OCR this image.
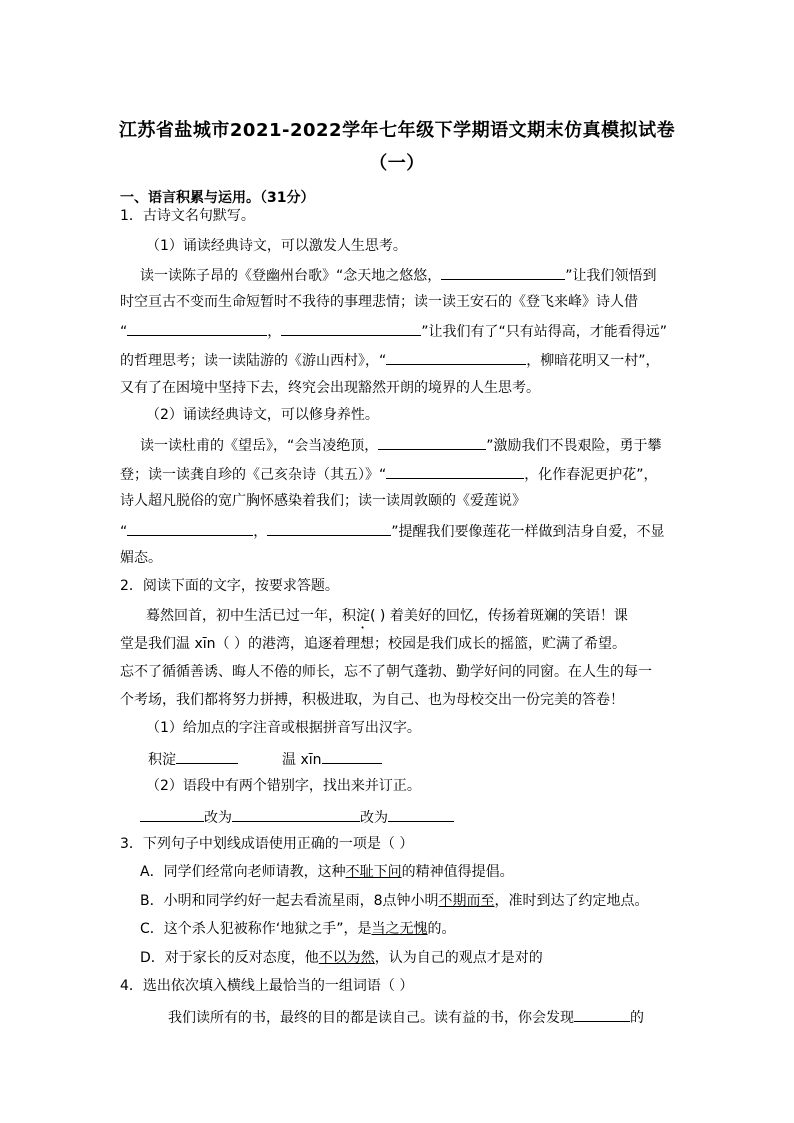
江苏省盐城市2021-2022学年七年级下学期语文期末仿真模拟试卷
（一）
一、语言积累与运用。（31分）
1．古诗文名句默写。
（1）诵读经典诗文，可以激发人生思考。
读一读陈子昂的《登幽州台歌》“念天地之悠悠，	”让我们领悟到
时空亘古不变而生命短暂时不我待的事理悲情；读一读王安石的《登飞来峰》诗人借
“	，	”让我们有了“只有站得高，才能看得远”
的哲理思考；读一读陆游的《游山西村》，“	，柳暗花明又一村”，
又有了在困境中坚持下去，终究会出现豁然开朗的境界的人生思考。
（2）诵读经典诗文，可以修身养性。
读一读杜甫的《望岳》，“会当凌绝顶，	”激励我们不畏艰险，勇于攀
登；读一读龚自珍的《己亥杂诗（其五）》“	，化作春泥更护花”，
诗人超凡脱俗的宽广胸怀感染着我们；读一读周敦颐的《爱莲说》
“	，	”提醒我们要像莲花一样做到洁身自爱，不显
媚态。
2．阅读下面的文字，按要求答题。
蓦然回首，初中生活已过一年，积淀( ) 着美好的回忆，传扬着斑斓的笑语！课
堂是我们温 xīn（ ）的港湾，追逐着理想；校园是我们成长的摇篮，贮满了希望。
忘不了循循善诱、晦人不倦的师长，忘不了朝气蓬勃、勤学好问的同窗。在人生的每一
个考场，我们都将努力拼搏，积极进取，为自己、也为母校交出一份完美的答卷！
（1）给加点的字注音或根据拼音写出汉字。
积淀	温 xīn
（2）语段中有两个错别字，找出来并订正。
改为	改为
3．下列句子中划线成语使用正确的一项是（ ）
A．同学们经常向老师请教，这种不耻下问的精神值得提倡。
B．小明和同学约好一起去看流星雨，8点钟小明不期而至，准时到达了约定地点。
C．这个杀人犯被称作‘地狱之手”，是当之无愧的。
D．对于家长的反对态度，他不以为然，认为自己的观点才是对的
4．选出依次填入横线上最恰当的一组词语（ ）
我们读所有的书，最终的目的都是读自己。读有益的书，你会发现	的
